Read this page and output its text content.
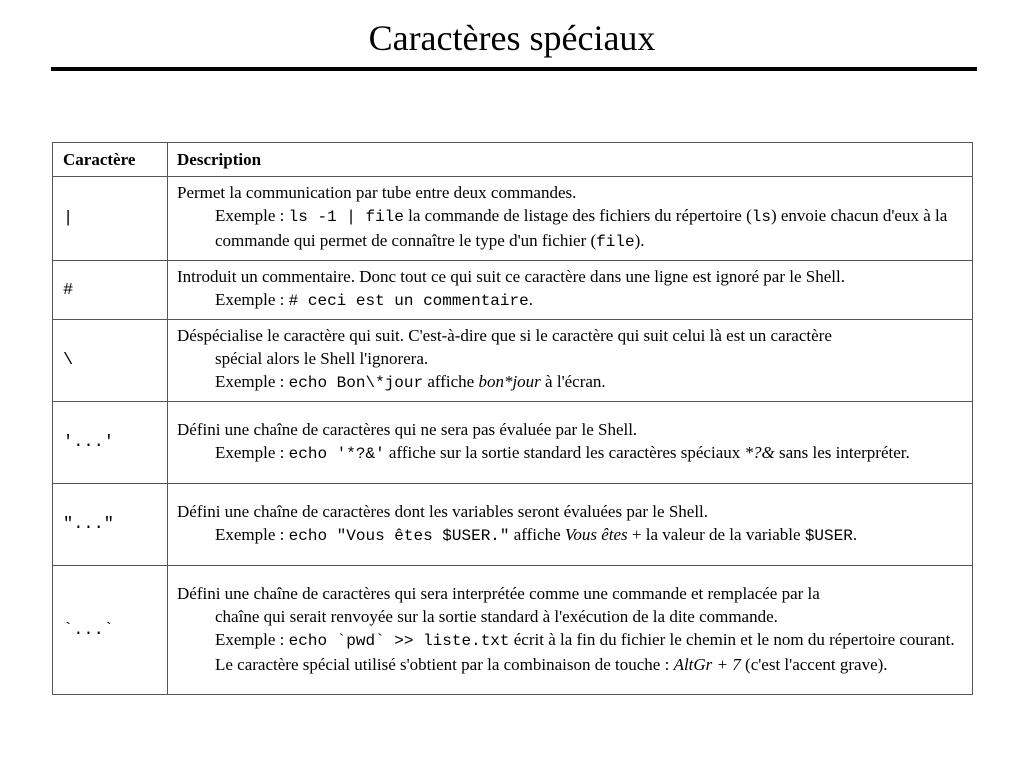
Caractères spéciaux
Caractère	Description
|	Permet la communication par tube entre deux commandes.
Exemple : ls -1 | file la commande de listage des fichiers du répertoire (ls) envoie chacun d'eux à la commande qui permet de connaître le type d'un fichier (file).

#	Introduit un commentaire. Donc tout ce qui suit ce caractère dans une ligne est ignoré par le Shell.
Exemple : # ceci est un commentaire.

\	Déspécialise le caractère qui suit. C'est-à-dire que si le caractère qui suit celui là est un caractère
spécial alors le Shell l'ignorera.
Exemple : echo Bon\*jour affiche bon*jour à l'écran.

'...'	Défini une chaîne de caractères qui ne sera pas évaluée par le Shell.
Exemple : echo '*?&' affiche sur la sortie standard les caractères spéciaux *?& sans les interpréter.

"..."	Défini une chaîne de caractères dont les variables seront évaluées par le Shell.
Exemple : echo "Vous êtes $USER." affiche Vous êtes + la valeur de la variable $USER.

`...`	Défini une chaîne de caractères qui sera interprétée comme une commande et remplacée par la
chaîne qui serait renvoyée sur la sortie standard à l'exécution de la dite commande.
Exemple : echo `pwd` >> liste.txt écrit à la fin du fichier le chemin et le nom du répertoire courant. Le caractère spécial utilisé s'obtient par la combinaison de touche : AltGr + 7 (c'est l'accent grave).
